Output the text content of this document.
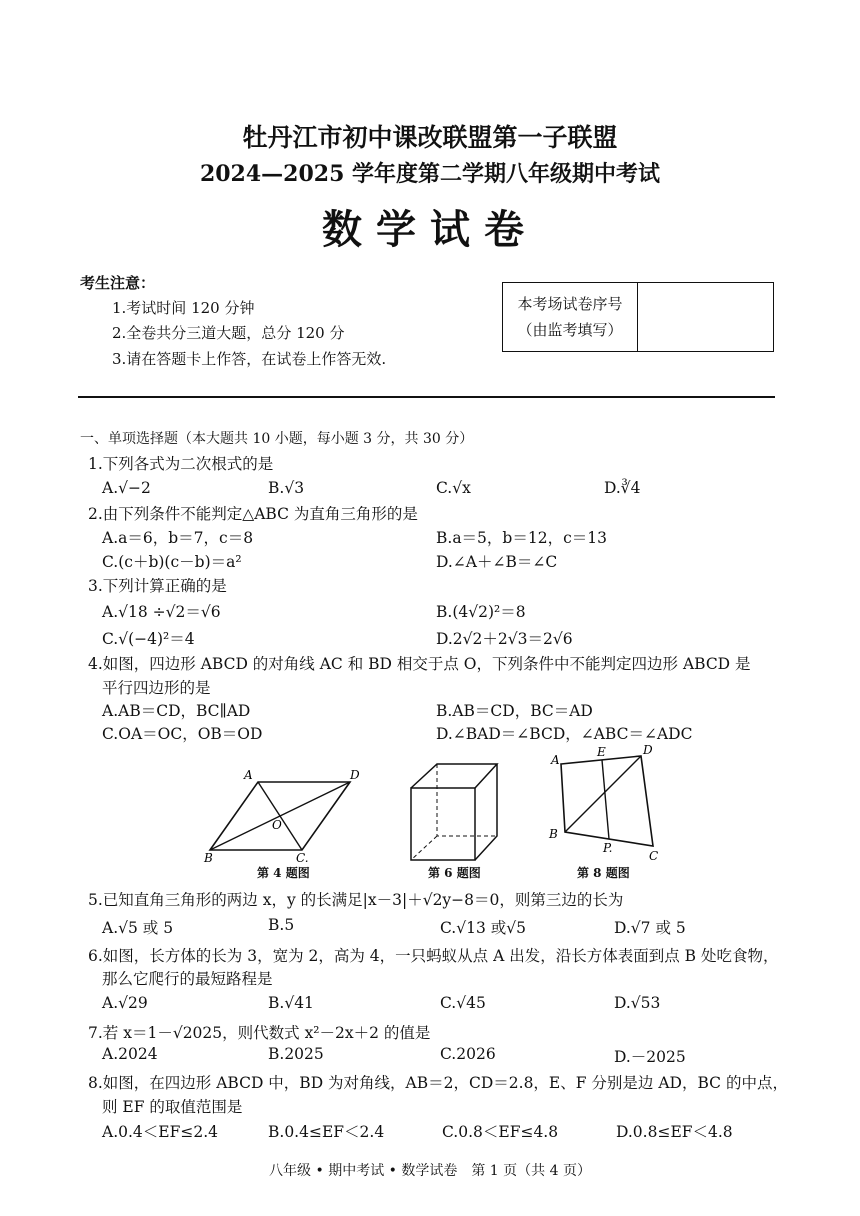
牡丹江市初中课改联盟第一子联盟
2024—2025 学年度第二学期八年级期中考试
数学试卷
考生注意：
1.考试时间 120 分钟
2.全卷共分三道大题，总分 120 分
3.请在答题卡上作答，在试卷上作答无效.
本考场试卷序号
（由监考填写）
一、单项选择题（本大题共 10 小题，每小题 3 分，共 30 分）
1.下列各式为二次根式的是
A.√−2	B.√3	C.√x	D.∛4
2.由下列条件不能判定△ABC 为直角三角形的是
A.a＝6，b＝7，c＝8	B.a＝5，b＝12，c＝13
C.(c＋b)(c－b)＝a²	D.∠A＋∠B＝∠C
3.下列计算正确的是
A.√18 ÷√2＝√6	B.(4√2)²＝8
C.√(−4)²＝4	D.2√2＋2√3＝2√6
4.如图，四边形 ABCD 的对角线 AC 和 BD 相交于点 O，下列条件中不能判定四边形 ABCD 是
平行四边形的是
A.AB＝CD，BC∥AD	B.AB＝CD，BC＝AD
C.OA＝OC，OB＝OD	D.∠BAD＝∠BCD，∠ABC＝∠ADC
A	D
B	C.
O
第 4 题图	第 6 题图
A
D
E
B
P.
C
第 8 题图
5.已知直角三角形的两边 x，y 的长满足|x－3|＋√2y−8＝0，则第三边的长为
A.√5 或 5	B.5	C.√13 或√5	D.√7 或 5
6.如图，长方体的长为 3，宽为 2，高为 4，一只蚂蚁从点 A 出发，沿长方体表面到点 B 处吃食物，
那么它爬行的最短路程是
A.√29	B.√41	C.√45	D.√53
7.若 x＝1－√2025，则代数式 x²－2x＋2 的值是
A.2024	B.2025	C.2026	D.－2025
8.如图，在四边形 ABCD 中，BD 为对角线，AB＝2，CD＝2.8，E、F 分别是边 AD，BC 的中点，
则 EF 的取值范围是
A.0.4＜EF≤2.4	B.0.4≤EF＜2.4	C.0.8＜EF≤4.8	D.0.8≤EF＜4.8
八年级 • 期中考试 • 数学试卷　第 1 页（共 4 页）
